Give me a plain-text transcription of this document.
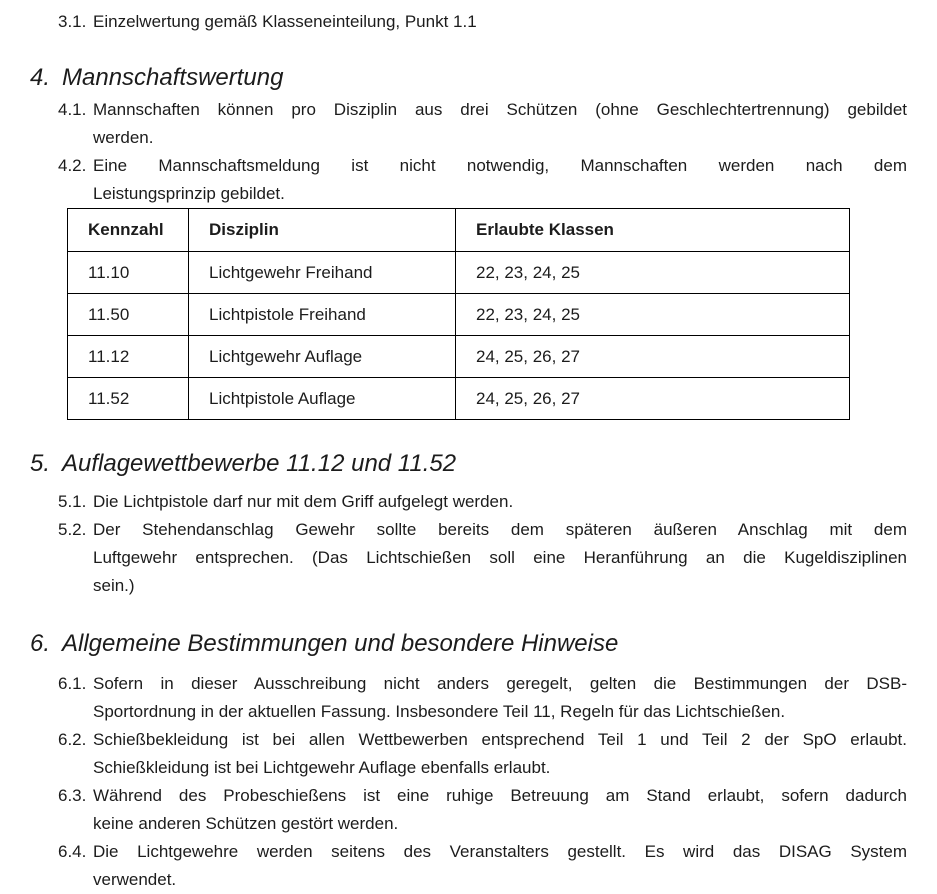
3.1. Einzelwertung gemäß Klasseneinteilung, Punkt 1.1
4. Mannschaftswertung
4.1. Mannschaften können pro Disziplin aus drei Schützen (ohne Geschlechtertrennung) gebildet
werden.
4.2. Eine Mannschaftsmeldung ist nicht notwendig, Mannschaften werden nach dem
Leistungsprinzip gebildet.
Kennzahl	Disziplin	Erlaubte Klassen
11.10	Lichtgewehr Freihand	22, 23, 24, 25
11.50	Lichtpistole Freihand	22, 23, 24, 25
11.12	Lichtgewehr Auflage	24, 25, 26, 27
11.52	Lichtpistole Auflage	24, 25, 26, 27
5. Auflagewettbewerbe 11.12 und 11.52
5.1. Die Lichtpistole darf nur mit dem Griff aufgelegt werden.
5.2. Der Stehendanschlag Gewehr sollte bereits dem späteren äußeren Anschlag mit dem
Luftgewehr entsprechen. (Das Lichtschießen soll eine Heranführung an die Kugeldisziplinen
sein.)
6. Allgemeine Bestimmungen und besondere Hinweise
6.1. Sofern in dieser Ausschreibung nicht anders geregelt, gelten die Bestimmungen der DSB-
Sportordnung in der aktuellen Fassung. Insbesondere Teil 11, Regeln für das Lichtschießen.
6.2. Schießbekleidung ist bei allen Wettbewerben entsprechend Teil 1 und Teil 2 der SpO erlaubt.
Schießkleidung ist bei Lichtgewehr Auflage ebenfalls erlaubt.
6.3. Während des Probeschießens ist eine ruhige Betreuung am Stand erlaubt, sofern dadurch
keine anderen Schützen gestört werden.
6.4. Die Lichtgewehre werden seitens des Veranstalters gestellt. Es wird das DISAG System
verwendet.
